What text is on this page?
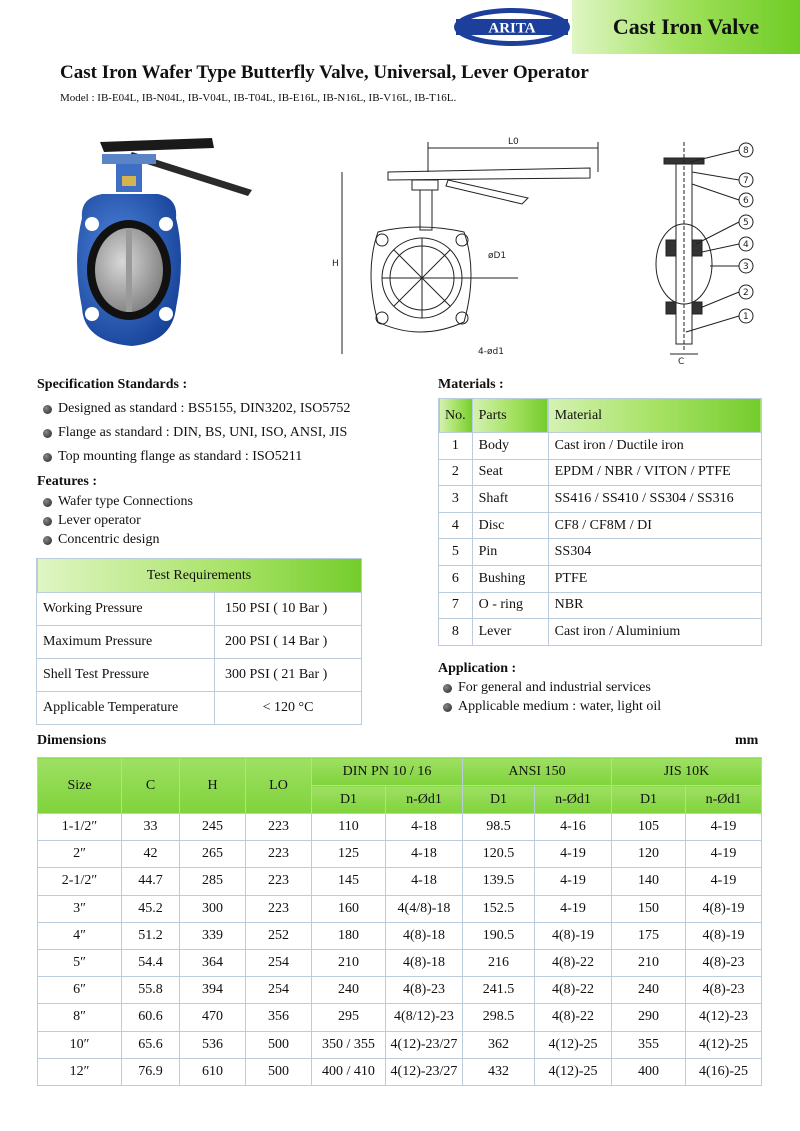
ARITA	Cast Iron Valve
Cast Iron Wafer Type Butterfly Valve, Universal, Lever Operator
Model : IB-E04L, IB-N04L, IB-V04L, IB-T04L, IB-E16L, IB-N16L, IB-V16L, IB-T16L.
L0
H
øD1
4-ød1
C
8
7
6
5
4
3
2
1
Specification Standards :
Designed as standard : BS5155, DIN3202, ISO5752
Flange as standard : DIN, BS, UNI, ISO, ANSI, JIS
Top mounting flange as standard : ISO5211
Features :
Wafer type Connections
Lever operator
Concentric design
Test Requirements	
Working Pressure	150 PSI ( 10 Bar )
Maximum Pressure	200 PSI ( 14 Bar )
Shell Test Pressure	300 PSI ( 21 Bar )
Applicable Temperature	< 120 °C
Materials :
No.	Parts	Material
1	Body	Cast iron / Ductile iron
2	Seat	EPDM / NBR / VITON / PTFE
3	Shaft	SS416 / SS410 / SS304 / SS316
4	Disc	CF8 / CF8M / DI
5	Pin	SS304
6	Bushing	PTFE
7	O - ring	NBR
8	Lever	Cast iron / Aluminium
Application :
For general and industrial services
Applicable medium : water, light oil
Dimensions	mm
Size	C	H	LO	DIN PN 10 / 16		ANSI 150		JIS 10K	
				D1	n-Ød1	D1	n-Ød1	D1	n-Ød1
1-1/2″	33	245	223	110	4-18	98.5	4-16	105	4-19
2″	42	265	223	125	4-18	120.5	4-19	120	4-19
2-1/2″	44.7	285	223	145	4-18	139.5	4-19	140	4-19
3″	45.2	300	223	160	4(4/8)-18	152.5	4-19	150	4(8)-19
4″	51.2	339	252	180	4(8)-18	190.5	4(8)-19	175	4(8)-19
5″	54.4	364	254	210	4(8)-18	216	4(8)-22	210	4(8)-23
6″	55.8	394	254	240	4(8)-23	241.5	4(8)-22	240	4(8)-23
8″	60.6	470	356	295	4(8/12)-23	298.5	4(8)-22	290	4(12)-23
10″	65.6	536	500	350 / 355	4(12)-23/27	362	4(12)-25	355	4(12)-25
12″	76.9	610	500	400 / 410	4(12)-23/27	432	4(12)-25	400	4(16)-25
